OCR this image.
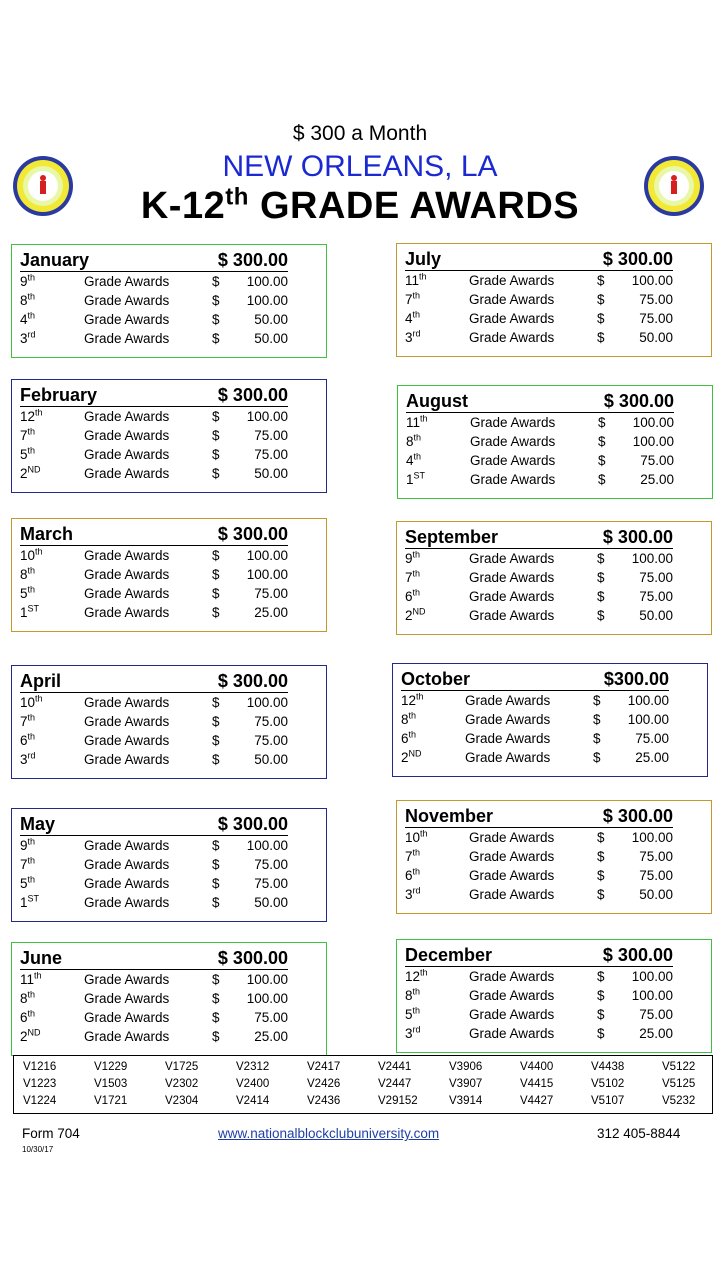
$ 300 a Month
NEW ORLEANS, LA
K-12th GRADE AWARDS
January	$ 300.00
9th	Grade Awards	$	100.00
8th	Grade Awards	$	100.00
4th	Grade Awards	$	50.00
3rd	Grade Awards	$	50.00
February	$ 300.00
12th	Grade Awards	$	100.00
7th	Grade Awards	$	75.00
5th	Grade Awards	$	75.00
2ND	Grade Awards	$	50.00
March	$ 300.00
10th	Grade Awards	$	100.00
8th	Grade Awards	$	100.00
5th	Grade Awards	$	75.00
1ST	Grade Awards	$	25.00
April	$ 300.00
10th	Grade Awards	$	100.00
7th	Grade Awards	$	75.00
6th	Grade Awards	$	75.00
3rd	Grade Awards	$	50.00
May	$ 300.00
9th	Grade Awards	$	100.00
7th	Grade Awards	$	75.00
5th	Grade Awards	$	75.00
1ST	Grade Awards	$	50.00
June	$ 300.00
11th	Grade Awards	$	100.00
8th	Grade Awards	$	100.00
6th	Grade Awards	$	75.00
2ND	Grade Awards	$	25.00
July	$ 300.00
11th	Grade Awards	$	100.00
7th	Grade Awards	$	75.00
4th	Grade Awards	$	75.00
3rd	Grade Awards	$	50.00
August	$ 300.00
11th	Grade Awards	$	100.00
8th	Grade Awards	$	100.00
4th	Grade Awards	$	75.00
1ST	Grade Awards	$	25.00
September	$ 300.00
9th	Grade Awards	$	100.00
7th	Grade Awards	$	75.00
6th	Grade Awards	$	75.00
2ND	Grade Awards	$	50.00
October	$300.00
12th	Grade Awards	$	100.00
8th	Grade Awards	$	100.00
6th	Grade Awards	$	75.00
2ND	Grade Awards	$	25.00
November	$ 300.00
10th	Grade Awards	$	100.00
7th	Grade Awards	$	75.00
6th	Grade Awards	$	75.00
3rd	Grade Awards	$	50.00
December	$ 300.00
12th	Grade Awards	$	100.00
8th	Grade Awards	$	100.00
5th	Grade Awards	$	75.00
3rd	Grade Awards	$	25.00
V1216	V1229	V1725	V2312	V2417	V2441	V3906	V4400	V4438	V5122
V1223	V1503	V2302	V2400	V2426	V2447	V3907	V4415	V5102	V5125
V1224	V1721	V2304	V2414	V2436	V29152	V3914	V4427	V5107	V5232
Form 704
10/30/17
www.nationalblockclubuniversity.com	312 405-8844
